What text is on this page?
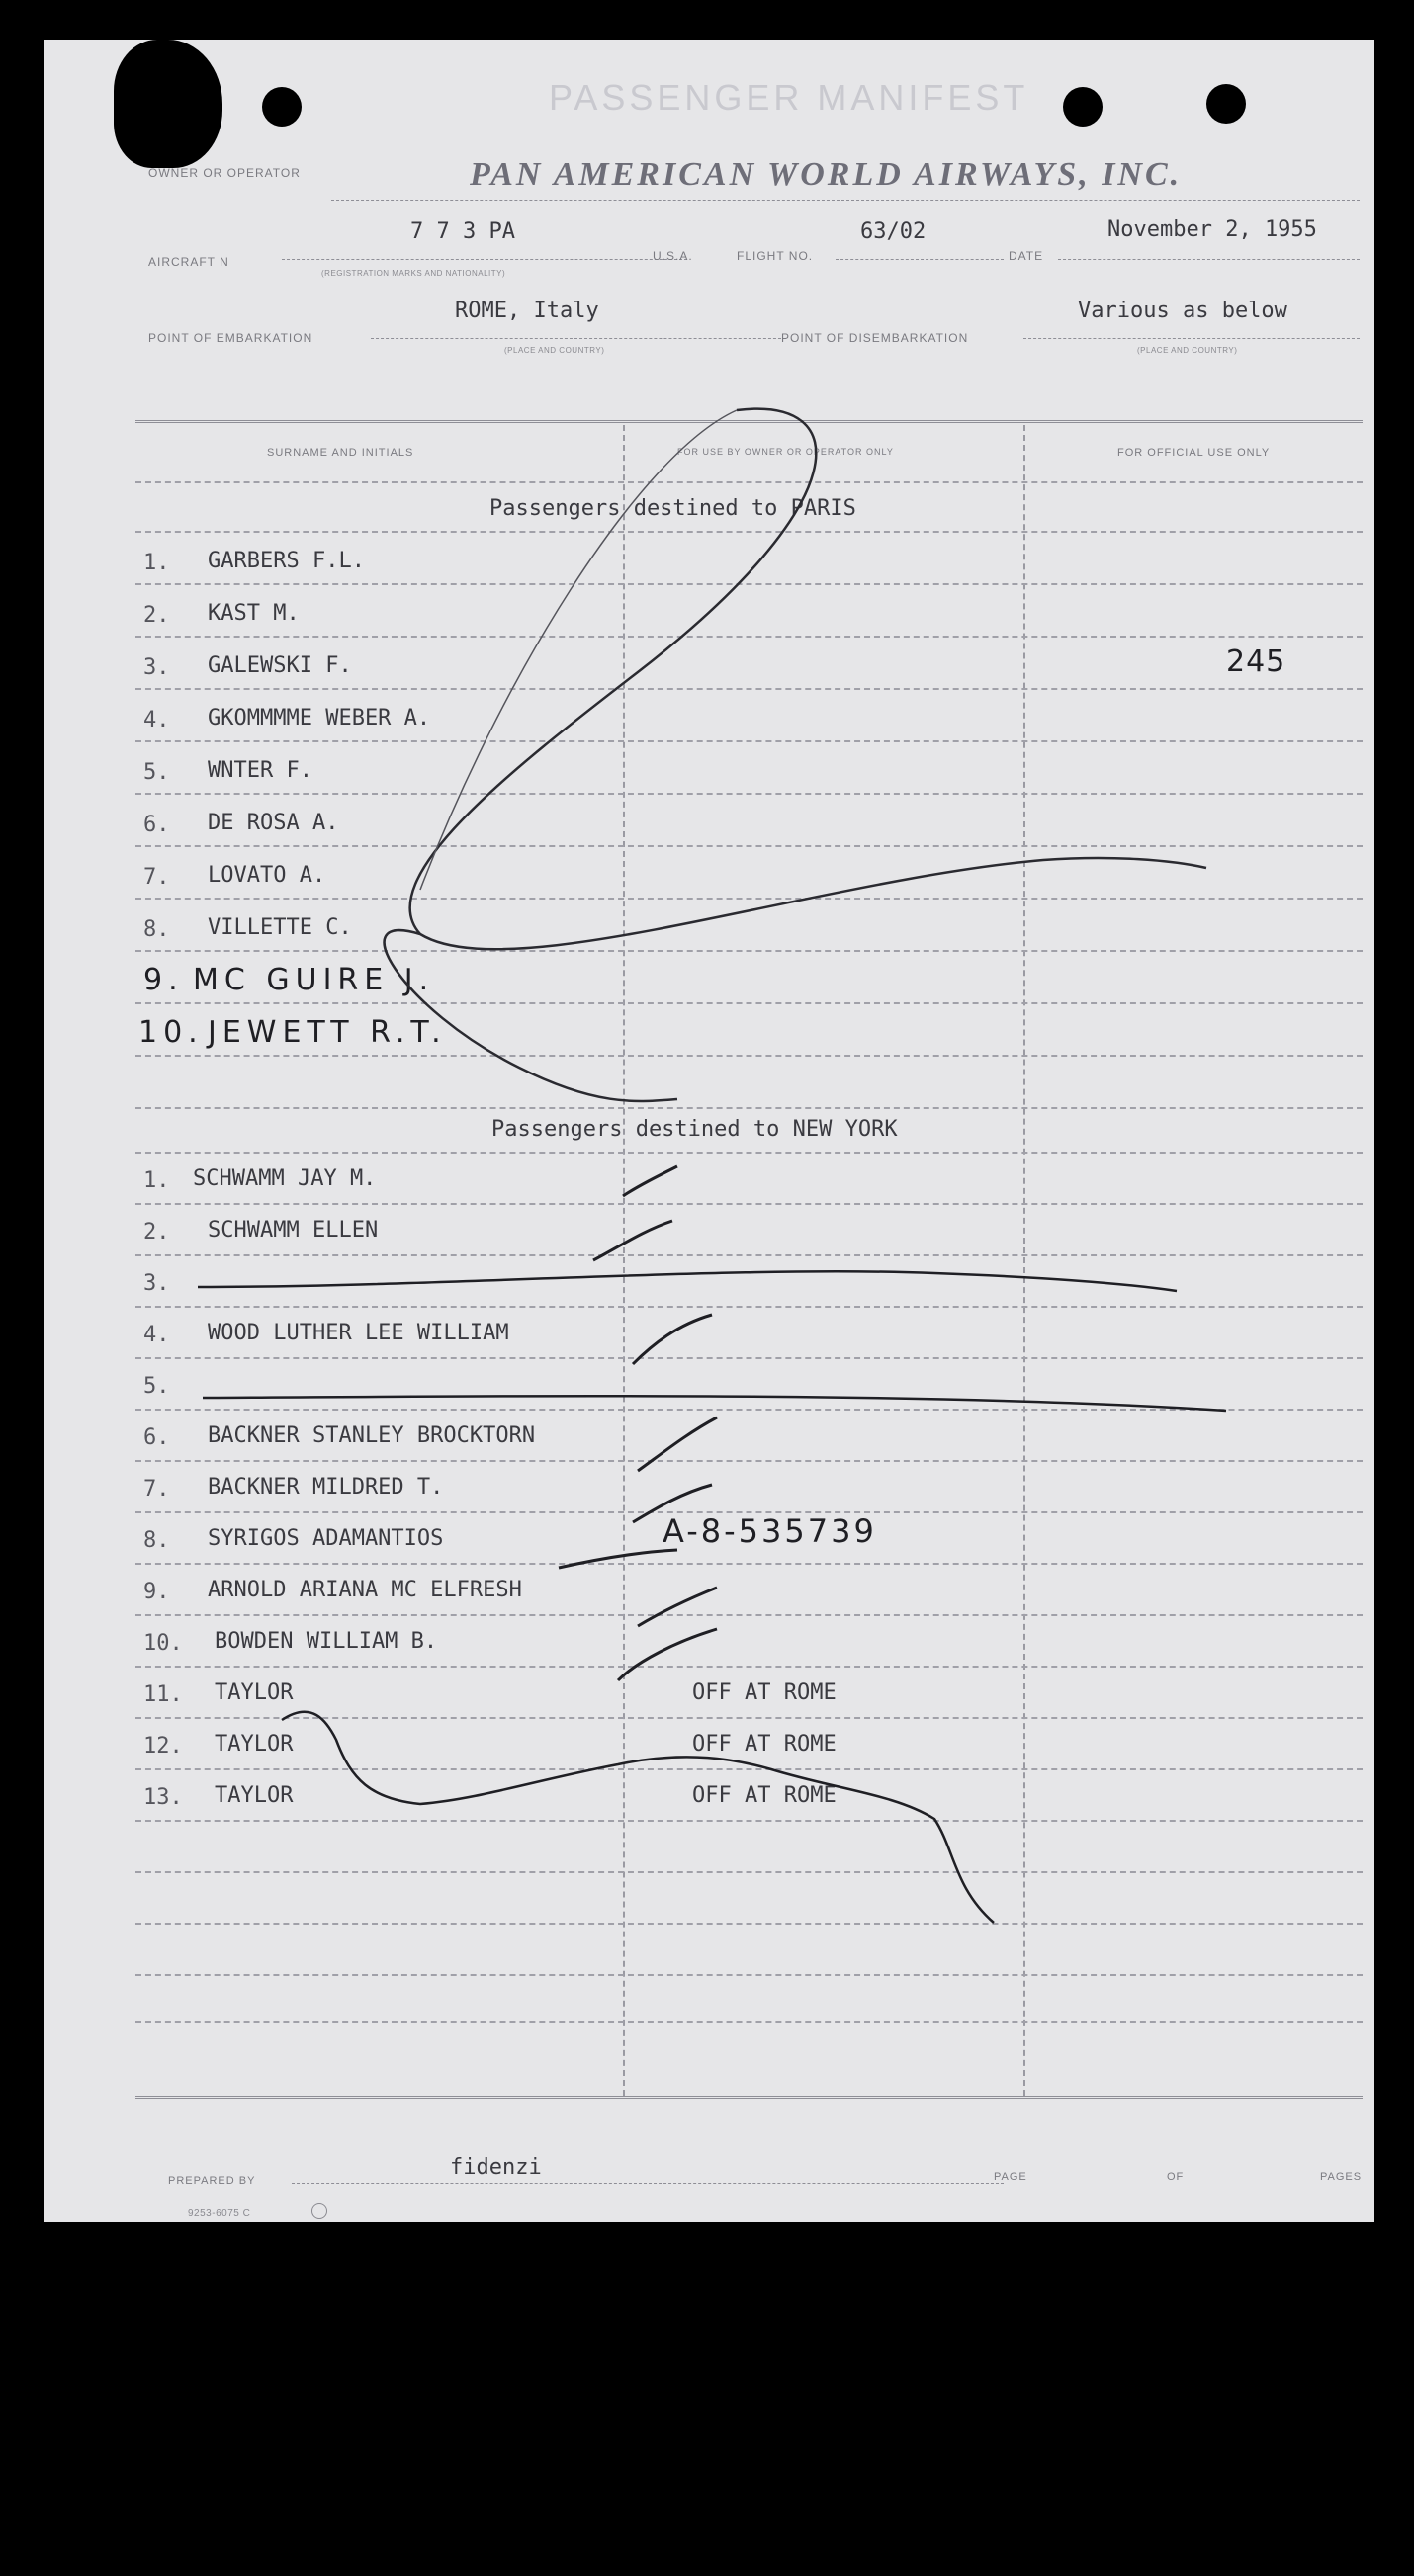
PASSENGER MANIFEST
OWNER OR OPERATOR	PAN AMERICAN WORLD AIRWAYS, INC.
AIRCRAFT N
7 7 3 PA
(REGISTRATION MARKS AND NATIONALITY)
U.S.A.	FLIGHT NO.
63/02
DATE
November 2, 1955
POINT OF EMBARKATION
ROME, Italy
(PLACE AND COUNTRY)
POINT OF DISEMBARKATION
Various as below
(PLACE AND COUNTRY)
SURNAME AND INITIALS	FOR USE BY OWNER OR OPERATOR ONLY	FOR OFFICIAL USE ONLY
Passengers destined to PARIS
1. GARBERS F.L.
2. KAST M.
3. GALEWSKI F.	245
4. GKOMMMME WEBER A.
5. WNTER F.
6. DE ROSA A.
7. LOVATO A.
8. VILLETTE C.
9. MC GUIRE J.
10. JEWETT R.T.
Passengers destined to NEW YORK
1. SCHWAMM JAY M.
2. SCHWAMM ELLEN
3.
4. WOOD LUTHER LEE WILLIAM
5.
6. BACKNER STANLEY BROCKTORN
7. BACKNER MILDRED T.
8. SYRIGOS ADAMANTIOS	A-8-535739
9. ARNOLD ARIANA MC ELFRESH
10. BOWDEN WILLIAM B.
11. TAYLOR	OFF AT ROME
12. TAYLOR	OFF AT ROME
13. TAYLOR	OFF AT ROME
PREPARED BY
fidenzi	PAGE	OF	PAGES
9253-6075 C
